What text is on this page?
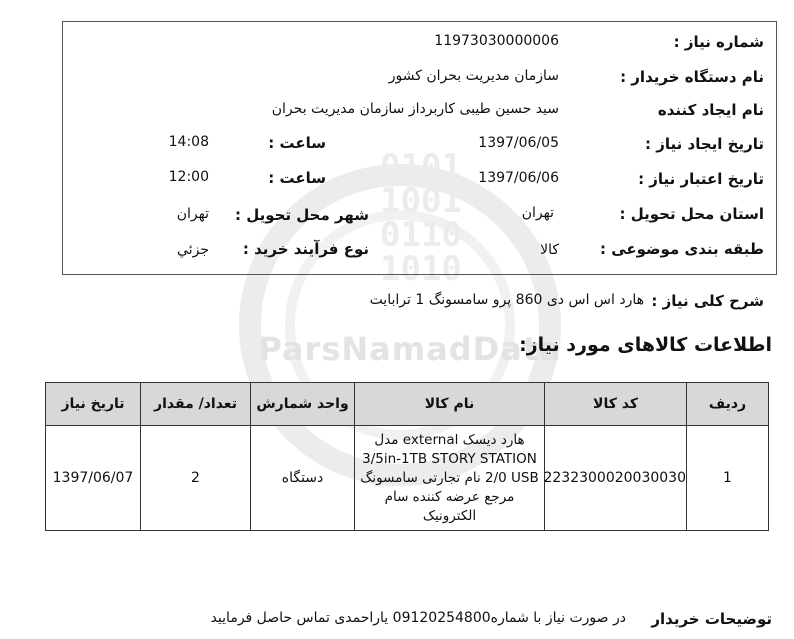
0101
1001
0110
1010
ParsNamadData
شماره نیاز :
11973030000006
نام دستگاه خریدار :
سازمان مدیریت بحران کشور
نام ایجاد کننده
سید حسین طیبی کاربرداز سازمان مدیریت بحران
تاریخ ایجاد نیاز :
1397/06/05
ساعت :
14:08
تاریخ اعتبار نیاز :
1397/06/06
ساعت :
12:00
استان محل تحویل :
تهران
شهر محل تحویل :
تهران
طبقه بندی موضوعی :
کالا
نوع فرآیند خرید :
جزئي
شرح کلی نیاز :
هارد اس اس دی 860 پرو سامسونگ 1 ترابایت
اطلاعات کالاهای مورد نیاز:
ردیف	کد کالا	نام کالا	واحد شمارش	تعداد/ مقدار	تاریخ نیاز
1	2232300020030030	هارد دیسک external مدل 3/5in-1TB STORY STATION 2/0 USB نام تجارتی سامسونگ مرجع عرضه کننده سام الکترونیک	دستگاه	2	1397/06/07
توضیحات خریدار
در صورت نیاز با شماره09120254800 یاراحمدی تماس حاصل فرمایید
